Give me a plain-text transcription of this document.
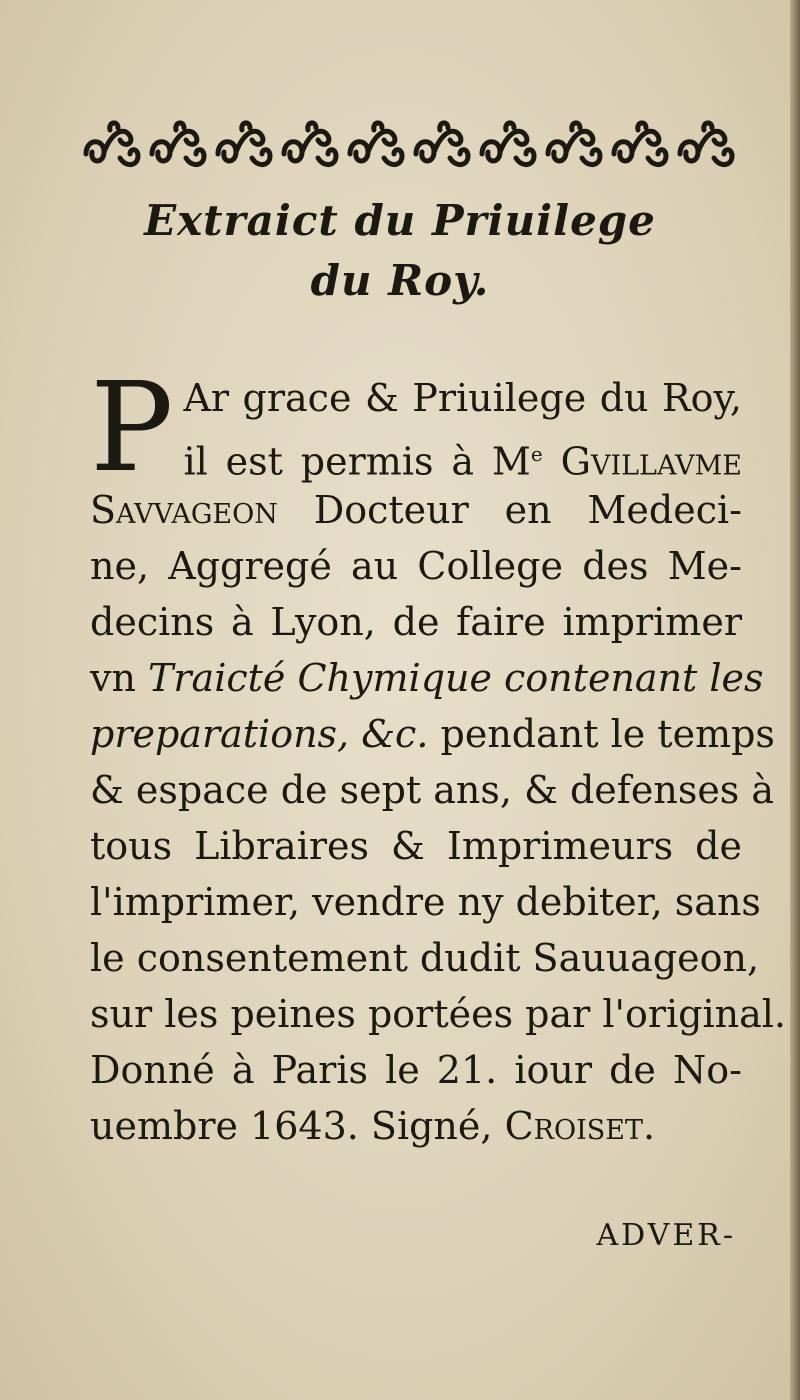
Extraict du Priuilege
du Roy.
P Ar grace & Priuilege du Roy,
il est permis à Me Gvillavme
Savvageon Docteur en Medeci-
ne, Aggregé au College des Me-
decins à Lyon, de faire imprimer
vn Traicté Chymique contenant les
preparations, &c. pendant le temps
& espace de sept ans, & defenses à
tous Libraires & Imprimeurs de
l'imprimer, vendre ny debiter, sans
le consentement dudit Sauuageon,
sur les peines portées par l'original.
Donné à Paris le 21. iour de No-
uembre 1643. Signé, Croiset.
ADVER-
